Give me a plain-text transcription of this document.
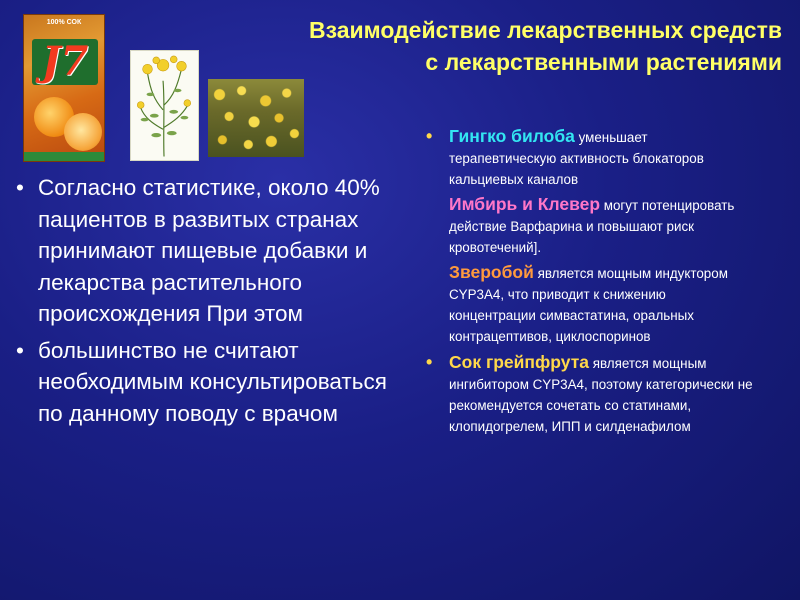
Взаимодействие лекарственных средств
с лекарственными растениями
100% СОК
J7
• Согласно статистике, около 40% пациентов в развитых странах принимают пищевые добавки и лекарства растительного происхождения При этом
• большинство не считают необходимым консультироваться по данному поводу с врачом
• Гингко билоба уменьшает терапевтическую активность блокаторов кальциевых каналов
Имбирь и Клевер могут потенцировать действие Варфарина и повышают риск кровотечений].
Зверобой является мощным индуктором CYP3A4, что приводит к снижению концентрации симвастатина, оральных контрацептивов, циклоспоринов
• Сок грейпфрута является мощным ингибитором CYP3A4, поэтому категорически не рекомендуется сочетать со статинами, клопидогрелем, ИПП и силденафилом
